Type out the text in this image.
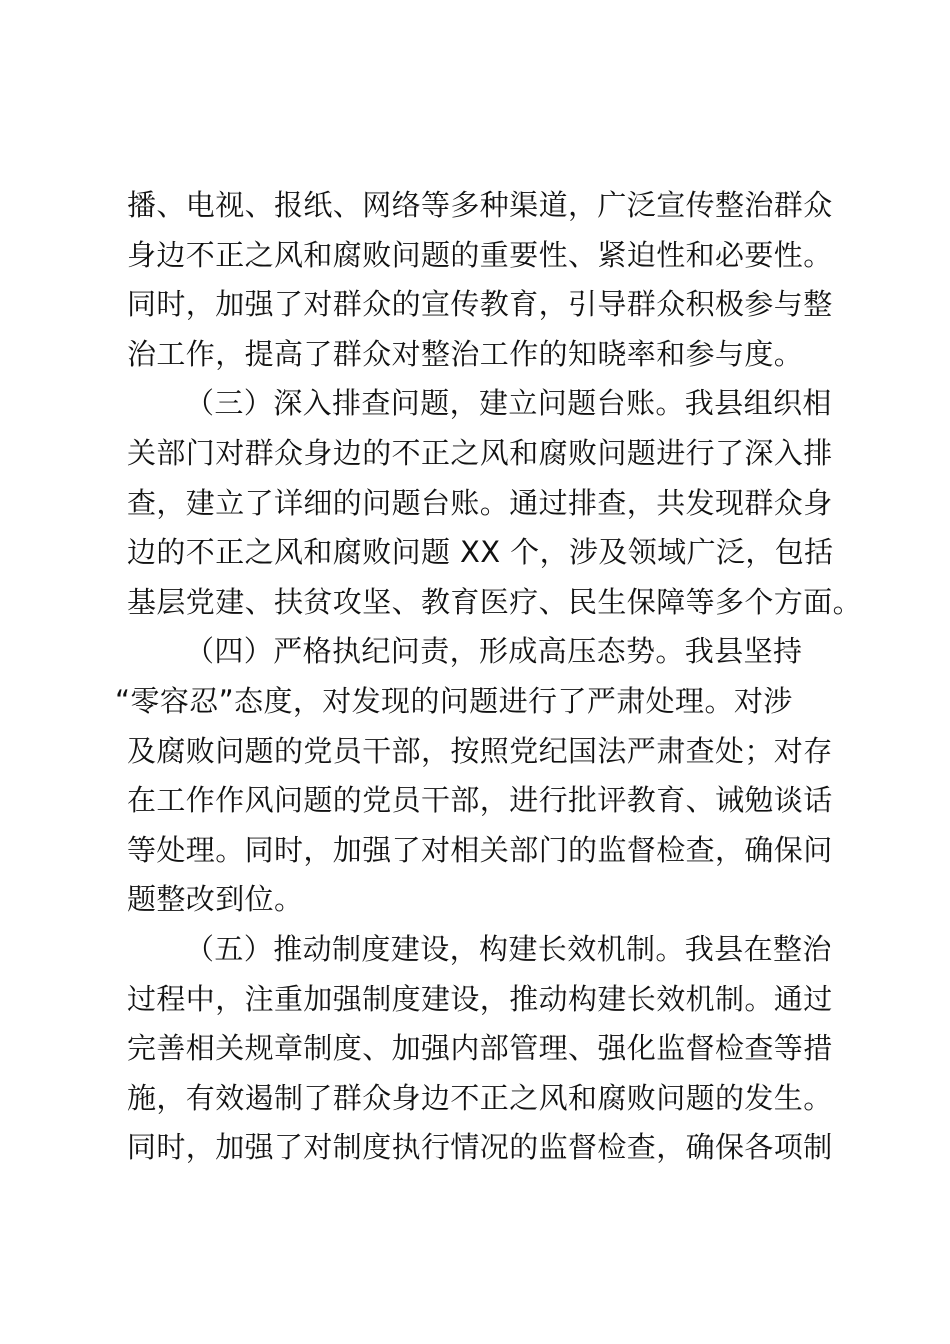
播、电视、报纸、网络等多种渠道，广泛宣传整治群众
身边不正之风和腐败问题的重要性、紧迫性和必要性。
同时，加强了对群众的宣传教育，引导群众积极参与整
治工作，提高了群众对整治工作的知晓率和参与度。
（三）深入排查问题，建立问题台账。我县组织相
关部门对群众身边的不正之风和腐败问题进行了深入排
查，建立了详细的问题台账。通过排查，共发现群众身
边的不正之风和腐败问题 XX 个，涉及领域广泛，包括
基层党建、扶贫攻坚、教育医疗、民生保障等多个方面。
（四）严格执纪问责，形成高压态势。我县坚持
“零容忍”态度，对发现的问题进行了严肃处理。对涉
及腐败问题的党员干部，按照党纪国法严肃查处；对存
在工作作风问题的党员干部，进行批评教育、诫勉谈话
等处理。同时，加强了对相关部门的监督检查，确保问
题整改到位。
（五）推动制度建设，构建长效机制。我县在整治
过程中，注重加强制度建设，推动构建长效机制。通过
完善相关规章制度、加强内部管理、强化监督检查等措
施，有效遏制了群众身边不正之风和腐败问题的发生。
同时，加强了对制度执行情况的监督检查，确保各项制
